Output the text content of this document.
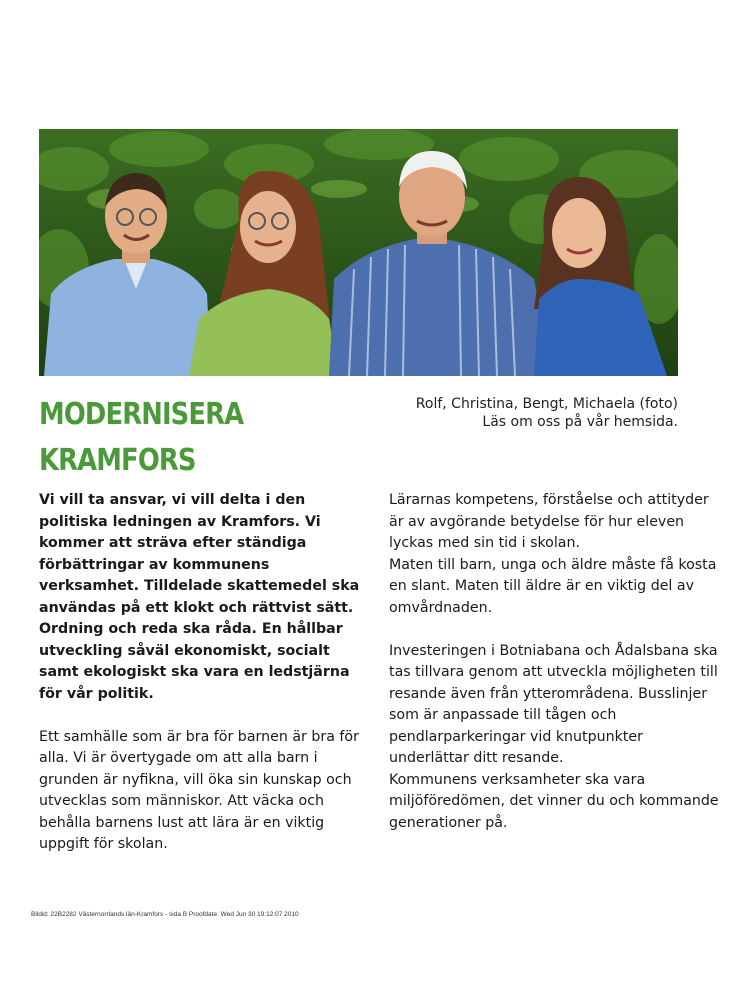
MODERNISERA
KRAMFORS
Rolf, Christina, Bengt, Michaela (foto)
Läs om oss på vår hemsida.

Vi vill ta ansvar, vi vill delta i den politiska ledningen av Kramfors. Vi kommer att sträva efter ständiga förbättringar av kommunens verksamhet. Tilldelade skattemedel ska användas på ett klokt och rättvist sätt. Ordning och reda ska råda. En hållbar utveckling såväl ekonomiskt, socialt samt ekologiskt ska vara en ledstjärna för vår politik.

Ett samhälle som är bra för barnen är bra för alla. Vi är övertygade om att alla barn i grunden är nyfikna, vill öka sin kunskap och utvecklas som människor. Att väcka och behålla barnens lust att lära är en viktig uppgift för skolan.

Lärarnas kompetens, förståelse och attityder är av avgörande betydelse för hur eleven lyckas med sin tid i skolan.

Maten till barn, unga och äldre måste få kosta en slant. Maten till äldre är en viktig del av omvårdnaden.

Investeringen i Botniabana och Ådalsbana ska tas tillvara genom att utveckla möjligheten till resande även från ytterområdena. Busslinjer som är anpassade till tågen och pendlarparkeringar vid knutpunkter underlättar ditt resande.

Kommunens verksamheter ska vara miljöföredömen, det vinner du och kommande generationer på.

Bildid: 22B2282 Västernorrlands län-Kramfors - sida B Proofdate: Wed Jun 30 19:12:07 2010
